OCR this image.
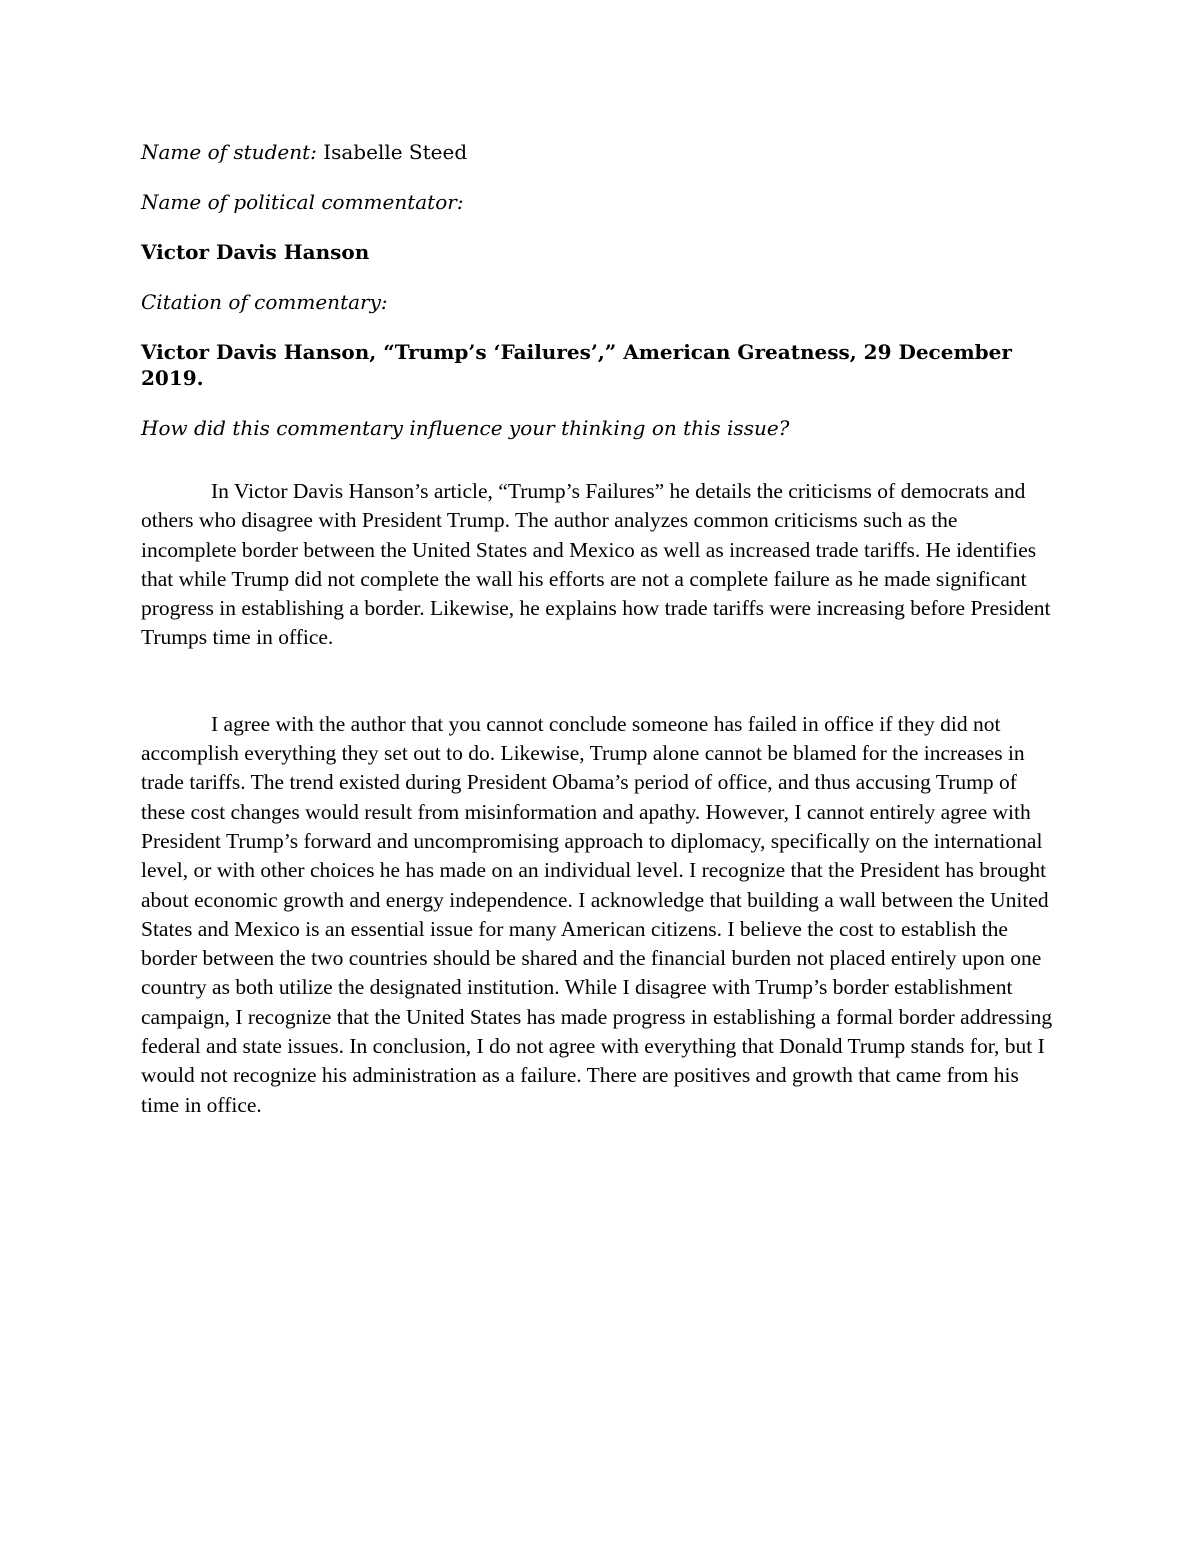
Name of student: Isabelle Steed

Name of political commentator:

Victor Davis Hanson

Citation of commentary:

Victor Davis Hanson, “Trump’s ‘Failures’,” American Greatness, 29 December 2019.

How did this commentary influence your thinking on this issue?

In Victor Davis Hanson’s article, “Trump’s Failures” he details the criticisms of democrats and others who disagree with President Trump. The author analyzes common criticisms such as the incomplete border between the United States and Mexico as well as increased trade tariffs. He identifies that while Trump did not complete the wall his efforts are not a complete failure as he made significant progress in establishing a border. Likewise, he explains how trade tariffs were increasing before President Trumps time in office.

I agree with the author that you cannot conclude someone has failed in office if they did not accomplish everything they set out to do. Likewise, Trump alone cannot be blamed for the increases in trade tariffs. The trend existed during President Obama’s period of office, and thus accusing Trump of these cost changes would result from misinformation and apathy. However, I cannot entirely agree with President Trump’s forward and uncompromising approach to diplomacy, specifically on the international level, or with other choices he has made on an individual level. I recognize that the President has brought about economic growth and energy independence. I acknowledge that building a wall between the United States and Mexico is an essential issue for many American citizens. I believe the cost to establish the border between the two countries should be shared and the financial burden not placed entirely upon one country as both utilize the designated institution. While I disagree with Trump’s border establishment campaign, I recognize that the United States has made progress in establishing a formal border addressing federal and state issues. In conclusion, I do not agree with everything that Donald Trump stands for, but I would not recognize his administration as a failure. There are positives and growth that came from his time in office.
